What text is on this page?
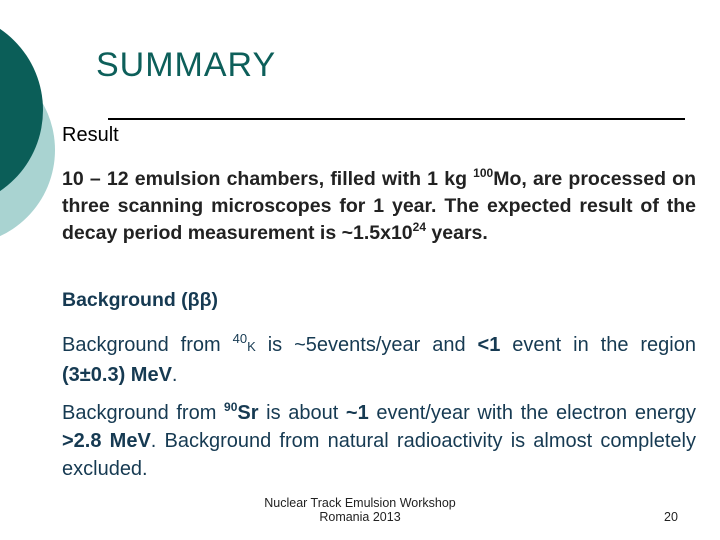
SUMMARY
Result
10 – 12 emulsion chambers, filled with 1 kg $^{100}$Mo, are processed on three scanning microscopes for 1 year. The expected result of the decay period measurement is $\sim 1.5x10^{24}$ years.
Background (ββ)
Background from $^{40}$K is ~5events/year and <1 event in the region (3±0.3) MeV.
Background from $^{90}$Sr is about ~1 event/year with the electron energy >2.8 MeV. Background from natural radioactivity is almost completely excluded.
Nuclear Track Emulsion Workshop
Romania 2013	20
